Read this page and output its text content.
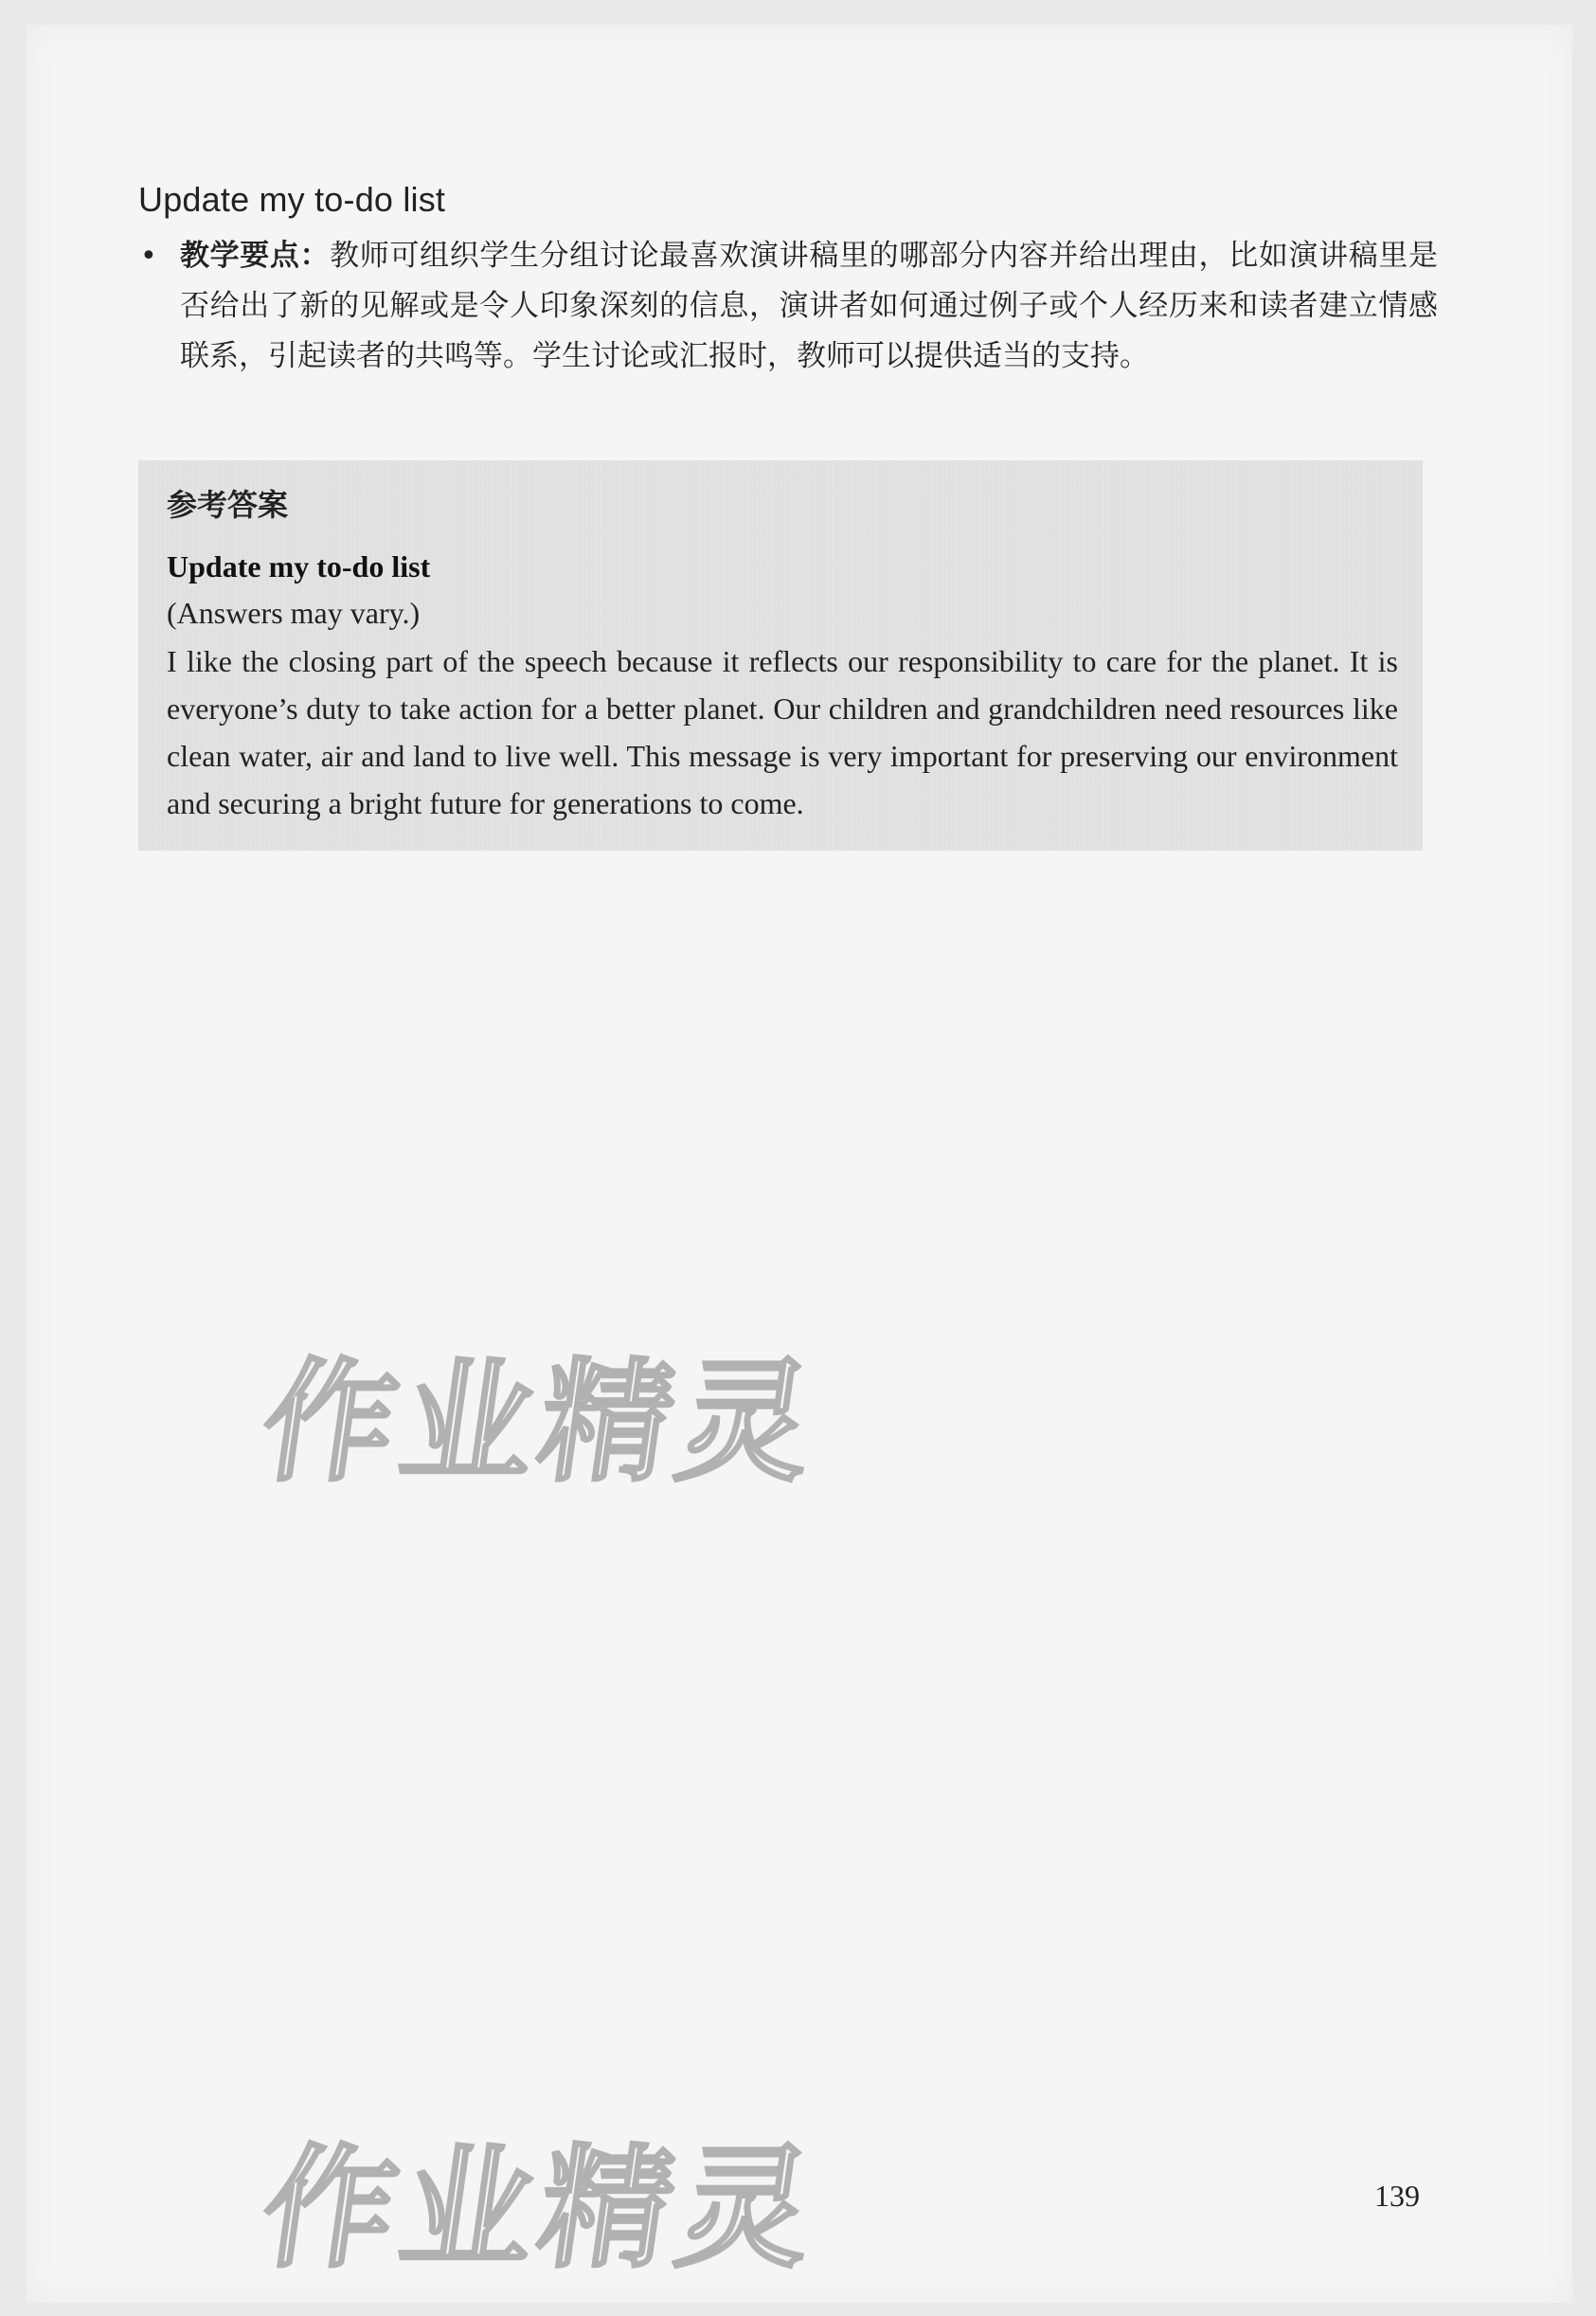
Update my to-do list
• 教学要点：教师可组织学生分组讨论最喜欢演讲稿里的哪部分内容并给出理由，比如演讲稿里是否给出了新的见解或是令人印象深刻的信息，演讲者如何通过例子或个人经历来和读者建立情感联系，引起读者的共鸣等。学生讨论或汇报时，教师可以提供适当的支持。
参考答案
Update my to-do list
(Answers may vary.)
I like the closing part of the speech because it reflects our responsibility to care for the planet. It is everyone’s duty to take action for a better planet. Our children and grandchildren need resources like clean water, air and land to live well. This message is very important for preserving our environment and securing a bright future for generations to come.
作业精灵
作业精灵	139
